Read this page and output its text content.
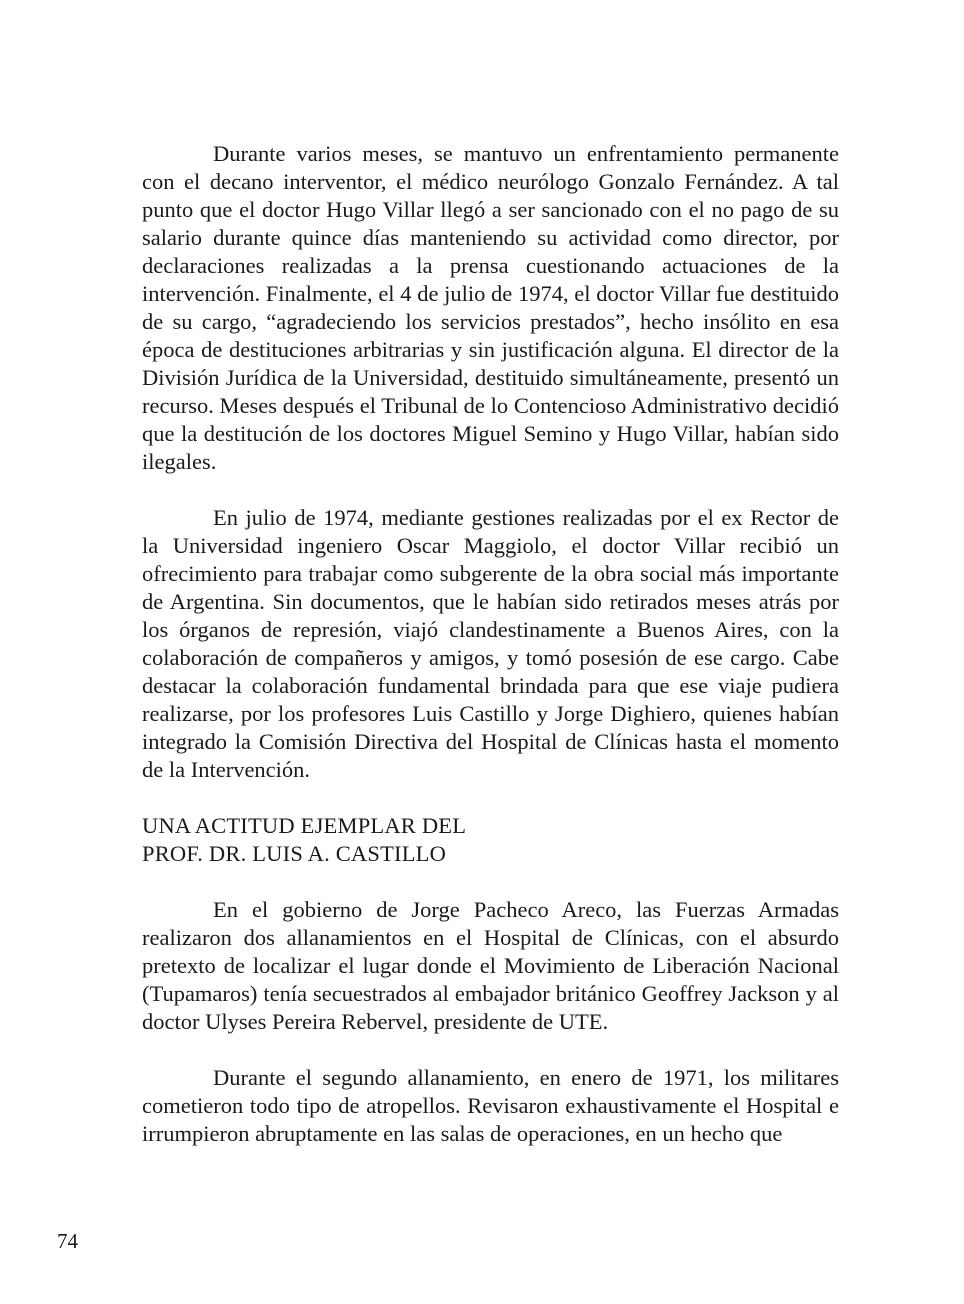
Durante varios meses, se mantuvo un enfrentamiento permanente con el decano interventor, el médico neurólogo Gonzalo Fernández. A tal punto que el doctor Hugo Villar llegó a ser sancionado con el no pago de su salario durante quince días manteniendo su actividad como director, por declaraciones realizadas a la prensa cuestionando actuaciones de la intervención. Finalmente, el 4 de julio de 1974, el doctor Villar fue destituido de su cargo, “agradeciendo los servicios prestados”, hecho insólito en esa época de destituciones arbitrarias y sin justificación alguna. El director de la División Jurídica de la Universidad, destituido simultáneamente, presentó un recurso. Meses después el Tribunal de lo Contencioso Administrativo decidió que la destitución de los doctores Miguel Semino y Hugo Villar, habían sido ilegales.

En julio de 1974, mediante gestiones realizadas por el ex Rector de la Universidad ingeniero Oscar Maggiolo, el doctor Villar recibió un ofrecimiento para trabajar como subgerente de la obra social más importante de Argentina. Sin documentos, que le habían sido retirados meses atrás por los órganos de represión, viajó clandestinamente a Buenos Aires, con la colaboración de compañeros y amigos, y tomó posesión de ese cargo. Cabe destacar la colaboración fundamental brindada para que ese viaje pudiera realizarse, por los profesores Luis Castillo y Jorge Dighiero, quienes habían integrado la Comisión Directiva del Hospital de Clínicas hasta el momento de la Intervención.

UNA ACTITUD EJEMPLAR DEL
PROF. DR. LUIS A. CASTILLO

En el gobierno de Jorge Pacheco Areco, las Fuerzas Armadas realizaron dos allanamientos en el Hospital de Clínicas, con el absurdo pretexto de localizar el lugar donde el Movimiento de Liberación Nacional (Tupamaros) tenía secuestrados al embajador británico Geoffrey Jackson y al doctor Ulyses Pereira Rebervel, presidente de UTE.

Durante el segundo allanamiento, en enero de 1971, los militares cometieron todo tipo de atropellos. Revisaron exhaustivamente el Hospital e irrumpieron abruptamente en las salas de operaciones, en un hecho que

74
